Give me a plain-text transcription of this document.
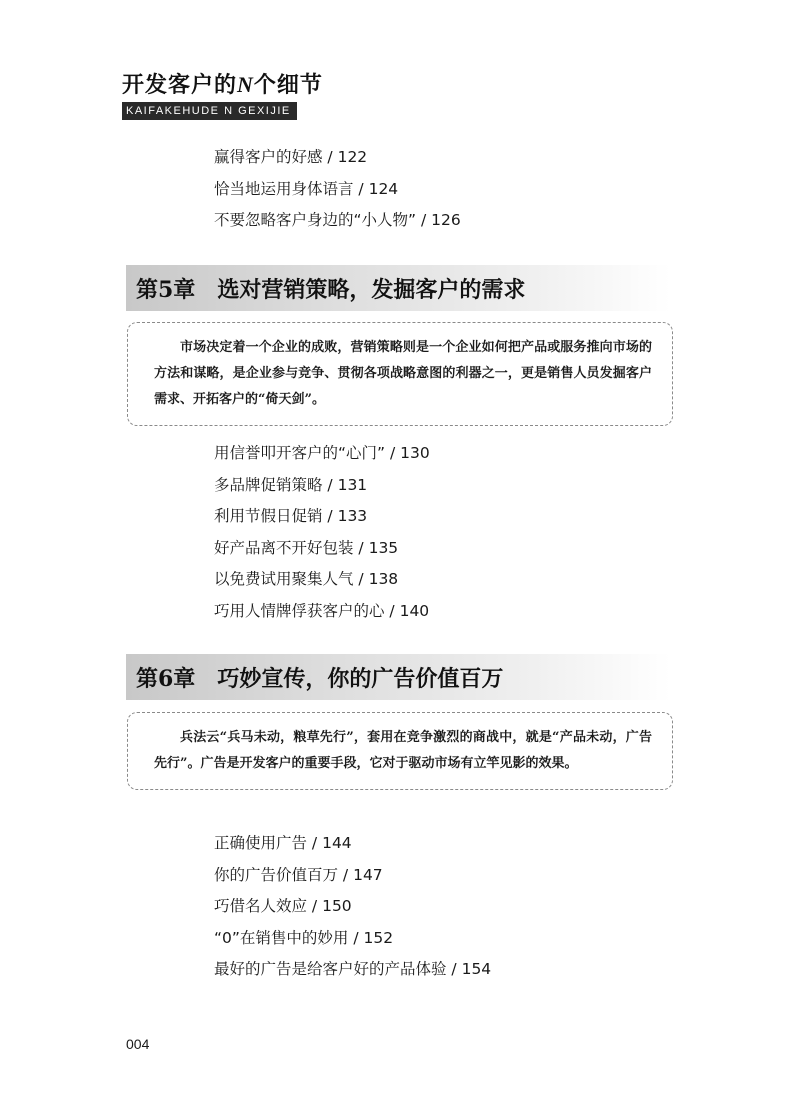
开发客户的N个细节
KAIFAKEHUDE N GEXIJIE
赢得客户的好感 / 122
恰当地运用身体语言 / 124
不要忽略客户身边的“小人物” / 126
第5章 选对营销策略，发掘客户的需求

市场决定着一个企业的成败，营销策略则是一个企业如何把产品或服务推向市场的方法和谋略，是企业参与竞争、贯彻各项战略意图的利器之一，更是销售人员发掘客户需求、开拓客户的“倚天剑”。

用信誉叩开客户的“心门” / 130
多品牌促销策略 / 131
利用节假日促销 / 133
好产品离不开好包装 / 135
以免费试用聚集人气 / 138
巧用人情牌俘获客户的心 / 140
第6章 巧妙宣传，你的广告价值百万

兵法云“兵马未动，粮草先行”，套用在竞争激烈的商战中，就是“产品未动，广告先行”。广告是开发客户的重要手段，它对于驱动市场有立竿见影的效果。

正确使用广告 / 144
你的广告价值百万 / 147
巧借名人效应 / 150
“0”在销售中的妙用 / 152
最好的广告是给客户好的产品体验 / 154
004
